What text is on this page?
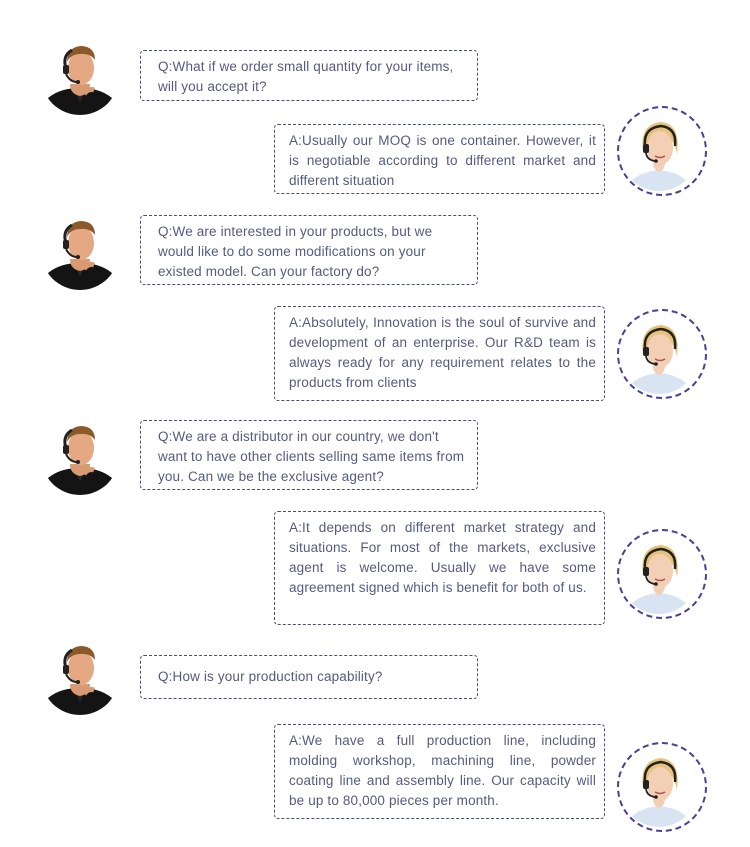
Q:What if we order small quantity for your items, will you accept it?
A:Usually our MOQ is one container. However, it is negotiable according to different market and different situation
Q:We are interested in your products, but we would like to do some modifications on your existed model. Can your factory do?
A:Absolutely, Innovation is the soul of survive and development of an enterprise. Our R&D team is always ready for any requirement relates to the products from clients
Q:We are a distributor in our country, we don't want to have other clients selling same items from you. Can we be the exclusive agent?
A:It depends on different market strategy and situations. For most of the markets, exclusive agent is welcome. Usually we have some agreement signed which is benefit for both of us.
Q:How is your production capability?
A:We have a full production line, including molding workshop, machining line, powder coating line and assembly line. Our capacity will be up to 80,000 pieces per month.
